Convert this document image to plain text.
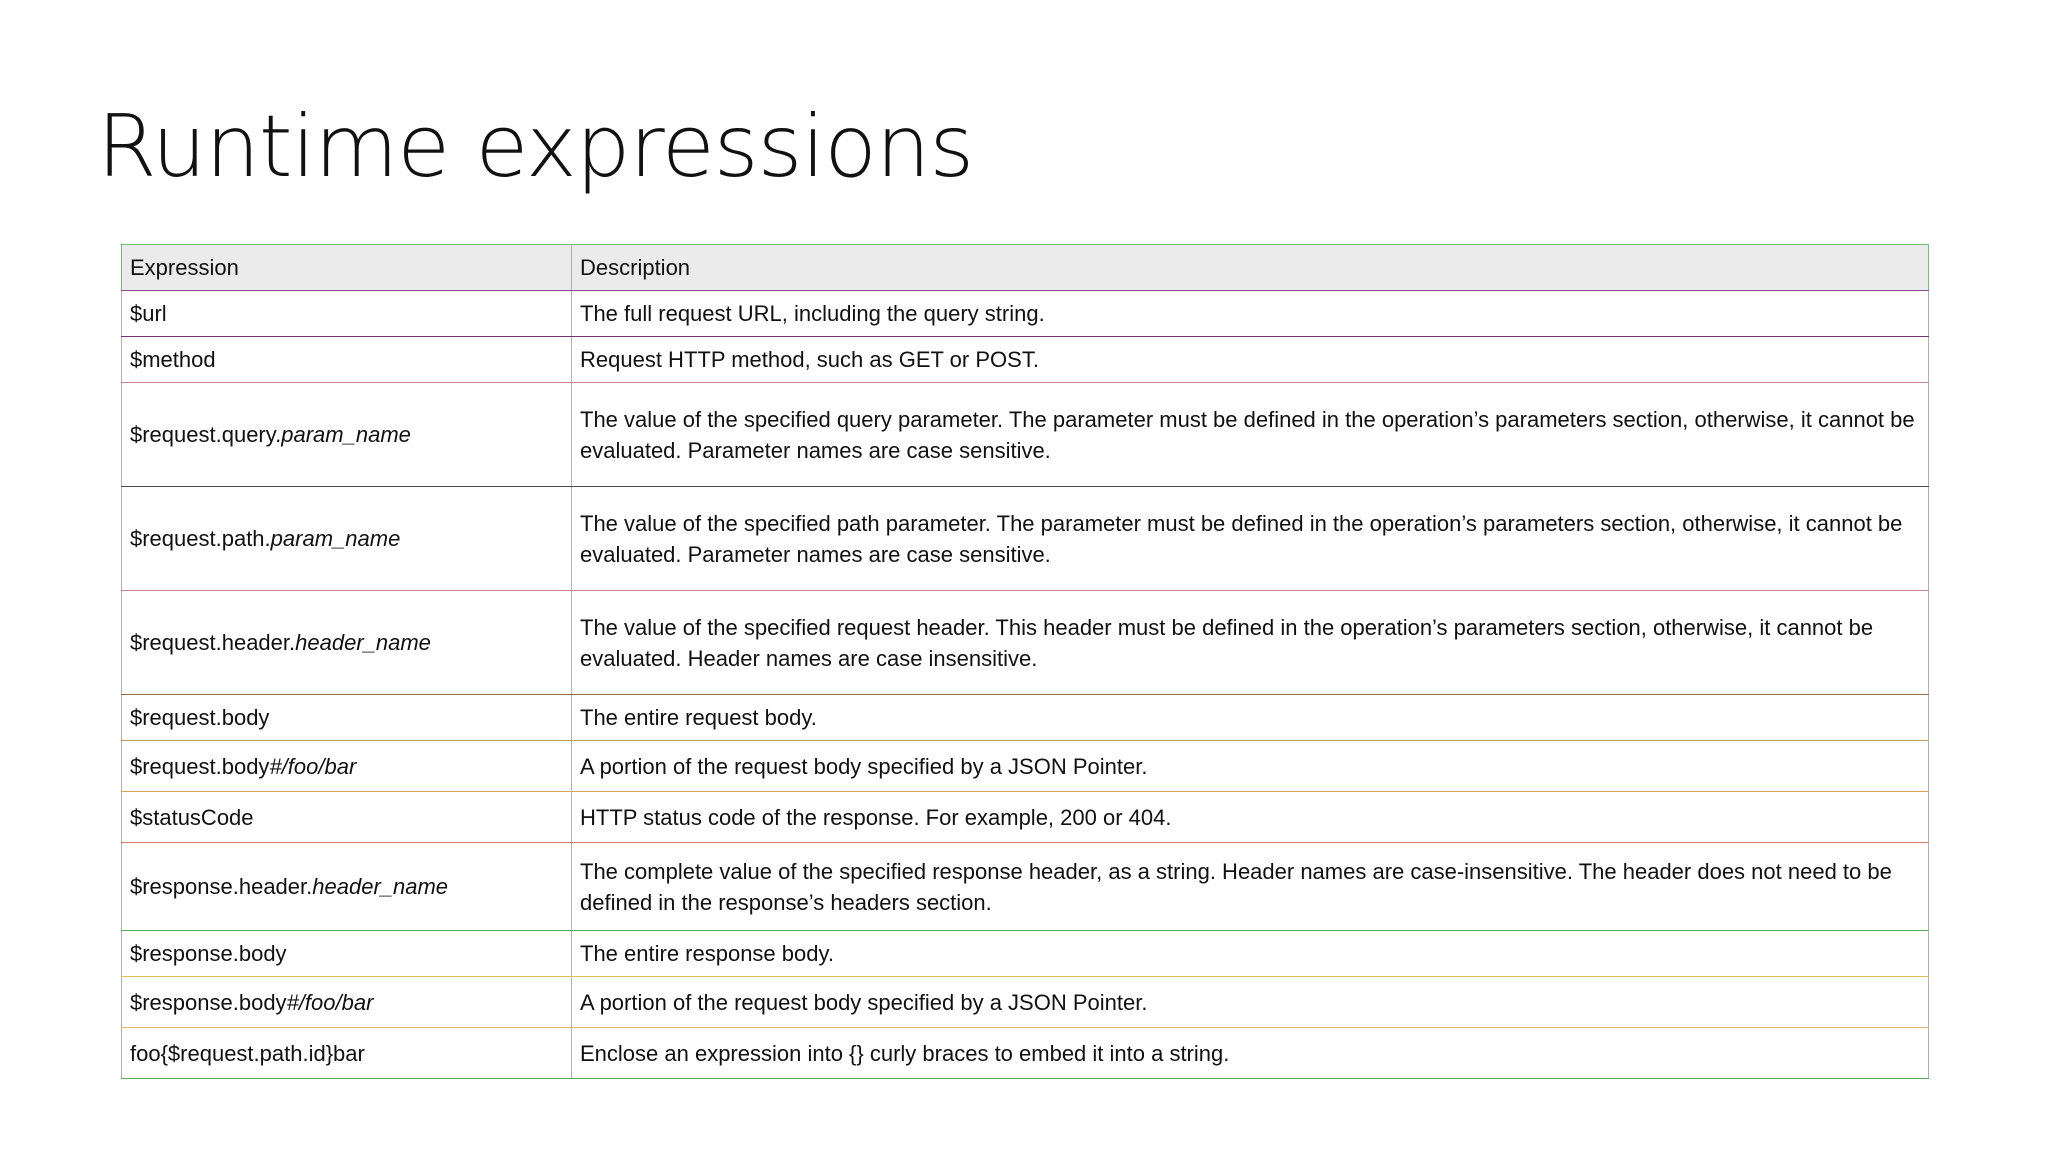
Runtime expressions
Expression	Description
$url	The full request URL, including the query string.
$method	Request HTTP method, such as GET or POST.
$request.query.param_name	The value of the specified query parameter. The parameter must be defined in the operation’s parameters section, otherwise, it cannot be evaluated. Parameter names are case sensitive.
$request.path.param_name	The value of the specified path parameter. The parameter must be defined in the operation’s parameters section, otherwise, it cannot be evaluated. Parameter names are case sensitive.
$request.header.header_name	The value of the specified request header. This header must be defined in the operation’s parameters section, otherwise, it cannot be evaluated. Header names are case insensitive.
$request.body	The entire request body.
$request.body#/foo/bar	A portion of the request body specified by a JSON Pointer.
$statusCode	HTTP status code of the response. For example, 200 or 404.
$response.header.header_name	The complete value of the specified response header, as a string. Header names are case-insensitive. The header does not need to be defined in the response’s headers section.
$response.body	The entire response body.
$response.body#/foo/bar	A portion of the request body specified by a JSON Pointer.
foo{$request.path.id}bar	Enclose an expression into {} curly braces to embed it into a string.
